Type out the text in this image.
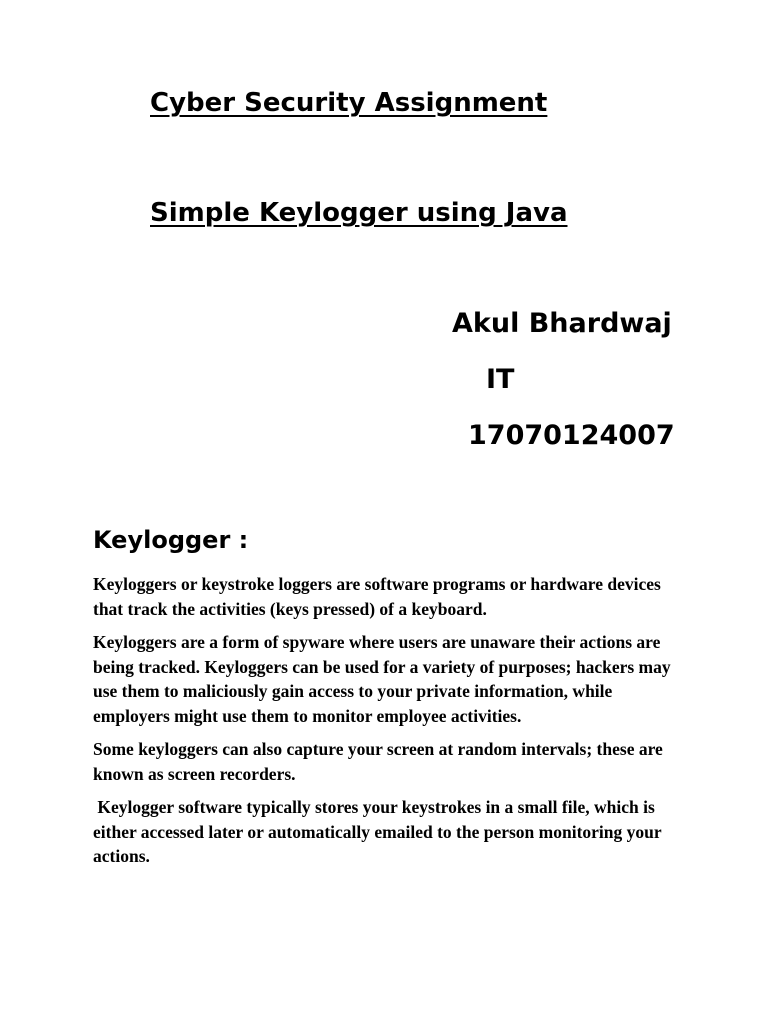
Cyber Security Assignment
Simple Keylogger using Java
Akul Bhardwaj
IT
17070124007
Keylogger :

Keyloggers or keystroke loggers are software programs or hardware devices that track the activities (keys pressed) of a keyboard.

Keyloggers are a form of spyware where users are unaware their actions are being tracked. Keyloggers can be used for a variety of purposes; hackers may use them to maliciously gain access to your private information, while employers might use them to monitor employee activities.

Some keyloggers can also capture your screen at random intervals; these are known as screen recorders.

Keylogger software typically stores your keystrokes in a small file, which is either accessed later or automatically emailed to the person monitoring your actions.
